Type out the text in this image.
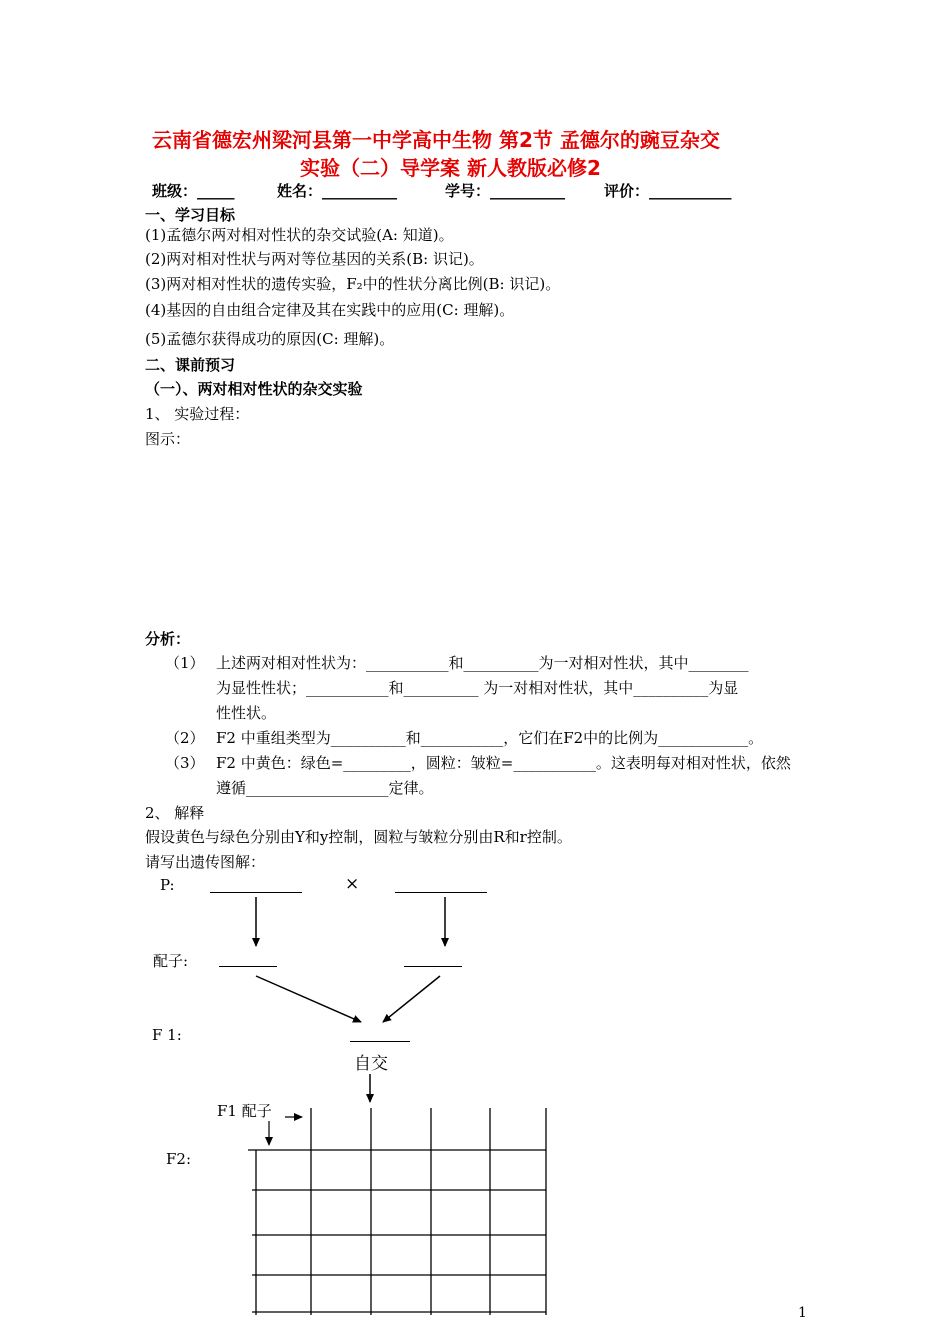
云南省德宏州梁河县第一中学高中生物 第2节 孟德尔的豌豆杂交
实验（二）导学案 新人教版必修2
班级：_____	姓名：__________	学号：__________	评价：___________
一、学习目标
(1)孟德尔两对相对性状的杂交试验(A: 知道)。
(2)两对相对性状与两对等位基因的关系(B: 识记)。
(3)两对相对性状的遗传实验，F₂中的性状分离比例(B: 识记)。
(4)基因的自由组合定律及其在实践中的应用(C: 理解)。
(5)孟德尔获得成功的原因(C: 理解)。
二、课前预习
（一）、两对相对性状的杂交实验
1、 实验过程：
图示：
分析：
（1） 上述两对相对性状为：___________和__________为一对相对性状，其中________
为显性性状；___________和__________ 为一对相对性状，其中__________为显
性性状。
（2） F2 中重组类型为__________和___________，它们在F2中的比例为____________。
（3） F2 中黄色：绿色=_________，圆粒：皱粒=___________。这表明每对相对性状，依然
遵循___________________定律。
2、 解释
假设黄色与绿色分别由Y和y控制，圆粒与皱粒分别由R和r控制。
请写出遗传图解：
P:	×
配子:
F 1:
自交
F1 配子
F2:
1
